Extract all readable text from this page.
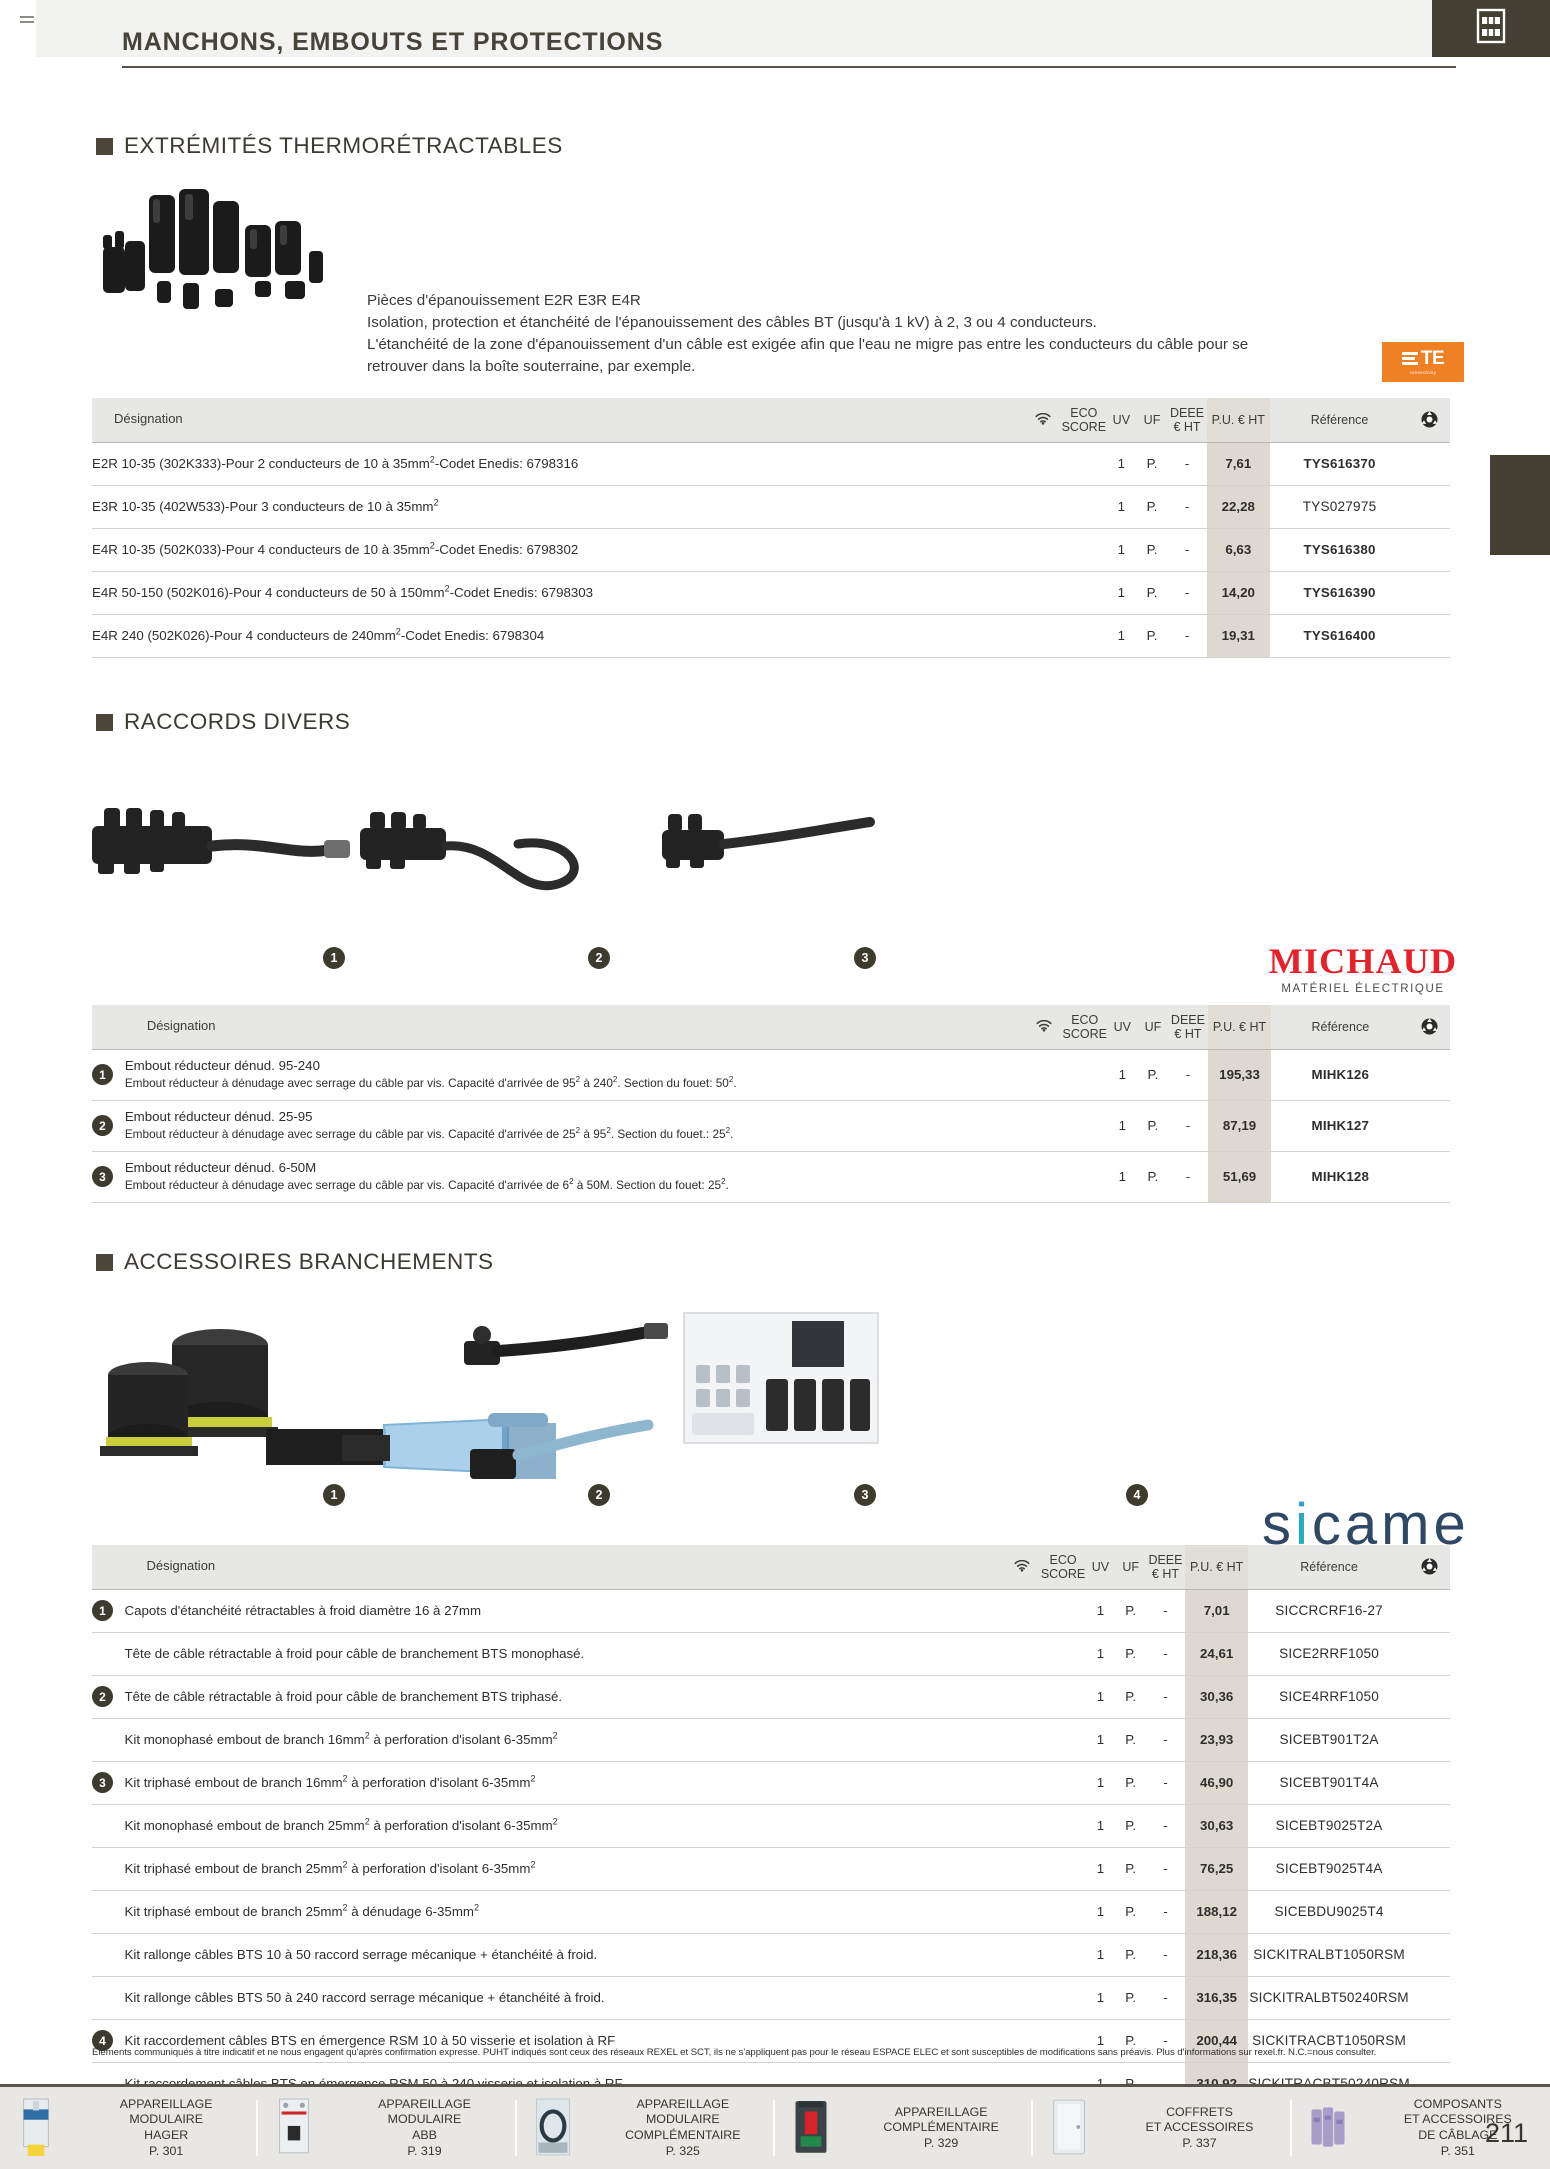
MANCHONS, EMBOUTS ET PROTECTIONS
EXTRÉMITÉS THERMORÉTRACTABLES
Pièces d'épanouissement E2R E3R E4R
Isolation, protection et étanchéité de l'épanouissement des câbles BT (jusqu'à 1 kV) à 2, 3 ou 4 conducteurs.
L'étanchéité de la zone d'épanouissement d'un câble est exigée afin que l'eau ne migre pas entre les conducteurs du câble pour se retrouver dans la boîte souterraine, par exemple.	TE
connectivity
Désignation		ECO
SCORE	UV	UF	DEEE
€ HT	P.U. € HT	Référence	

E2R 10-35 (302K333)-Pour 2 conducteurs de 10 à $35mm^2$-Codet Enedis: 6798316			1	P.	-	7,61	TYS616370	
E3R 10-35 (402W533)-Pour 3 conducteurs de 10 à $35mm^2$			1	P.	-	22,28	TYS027975	
E4R 10-35 (502K033)-Pour 4 conducteurs de 10 à $35mm^2$-Codet Enedis: 6798302			1	P.	-	6,63	TYS616380	
E4R 50-150 (502K016)-Pour 4 conducteurs de 50 à $150mm^2$-Codet Enedis: 6798303			1	P.	-	14,20	TYS616390	
E4R 240 (502K026)-Pour 4 conducteurs de $240mm^2$-Codet Enedis: 6798304			1	P.	-	19,31	TYS616400	
RACCORDS DIVERS
1	2	3	MICHAUD
MATÉRIEL ÉLECTRIQUE
	Désignation		ECO
SCORE	UV	UF	DEEE
€ HT	P.U. € HT	Référence	

1	Embout réducteur dénud. 95-240
Embout réducteur à dénudage avec serrage du câble par vis. Capacité d'arrivée de $95^2$ à $240^2$. Section du fouet: $50^2$.			1	P.	-	195,33	MIHK126	

2	Embout réducteur dénud. 25-95
Embout réducteur à dénudage avec serrage du câble par vis. Capacité d'arrivée de $25^2$ à $95^2$. Section du fouet.: $25^2$.			1	P.	-	87,19	MIHK127	

3	Embout réducteur dénud. 6-50M
Embout réducteur à dénudage avec serrage du câble par vis. Capacité d'arrivée de $6^2$ à 50M. Section du fouet: $25^2$.			1	P.	-	51,69	MIHK128	
ACCESSOIRES BRANCHEMENTS
1	2	3	4 sicame
	Désignation		ECO
SCORE	UV	UF	DEEE
€ HT	P.U. € HT	Référence	

1	Capots d'étanchéité rétractables à froid diamètre 16 à 27mm			1	P.	-	7,01	SICCRCRF16-27	
	Tête de câble rétractable à froid pour câble de branchement BTS monophasé.			1	P.	-	24,61	SICE2RRF1050	

2	Tête de câble rétractable à froid pour câble de branchement BTS triphasé.			1	P.	-	30,36	SICE4RRF1050	
	Kit monophasé embout de branch $16mm^2$ à perforation d'isolant $6-35mm^2$			1	P.	-	23,93	SICEBT901T2A	

3	Kit triphasé embout de branch $16mm^2$ à perforation d'isolant $6-35mm^2$			1	P.	-	46,90	SICEBT901T4A	
	Kit monophasé embout de branch $25mm^2$ à perforation d'isolant $6-35mm^2$			1	P.	-	30,63	SICEBT9025T2A	
	Kit triphasé embout de branch $25mm^2$ à perforation d'isolant $6-35mm^2$			1	P.	-	76,25	SICEBT9025T4A	
	Kit triphasé embout de branch $25mm^2$ à dénudage $6-35mm^2$			1	P.	-	188,12	SICEBDU9025T4	
	Kit rallonge câbles BTS 10 à 50 raccord serrage mécanique + étanchéité à froid.			1	P.	-	218,36	SICKITRALBT1050RSM	
	Kit rallonge câbles BTS 50 à 240 raccord serrage mécanique + étanchéité à froid.			1	P.	-	316,35	SICKITRALBT50240RSM	

4	Kit raccordement câbles BTS en émergence RSM 10 à 50 visserie et isolation à RF			1	P.	-	200,44	SICKITRACBT1050RSM	

Éléments communiqués à titre indicatif et ne nous engagent qu'après confirmation expresse. PUHT indiqués sont ceux des réseaux REXEL et SCT, ils ne s'appliquent pas pour le réseau ESPACE ELEC et sont susceptibles de modifications sans préavis. Plus d'informations sur rexel.fr. N.C.=nous consulter.
APPAREILLAGE
MODULAIRE
HAGER
P. 301
APPAREILLAGE
MODULAIRE
ABB
P. 319
APPAREILLAGE
MODULAIRE
COMPLÉMENTAIRE
P. 325
APPAREILLAGE
COMPLÉMENTAIRE
P. 329
COFFRETS
ET ACCESSOIRES
P. 337
COMPOSANTS
ET ACCESSOIRES
DE CÂBLAGE
P. 351
211
